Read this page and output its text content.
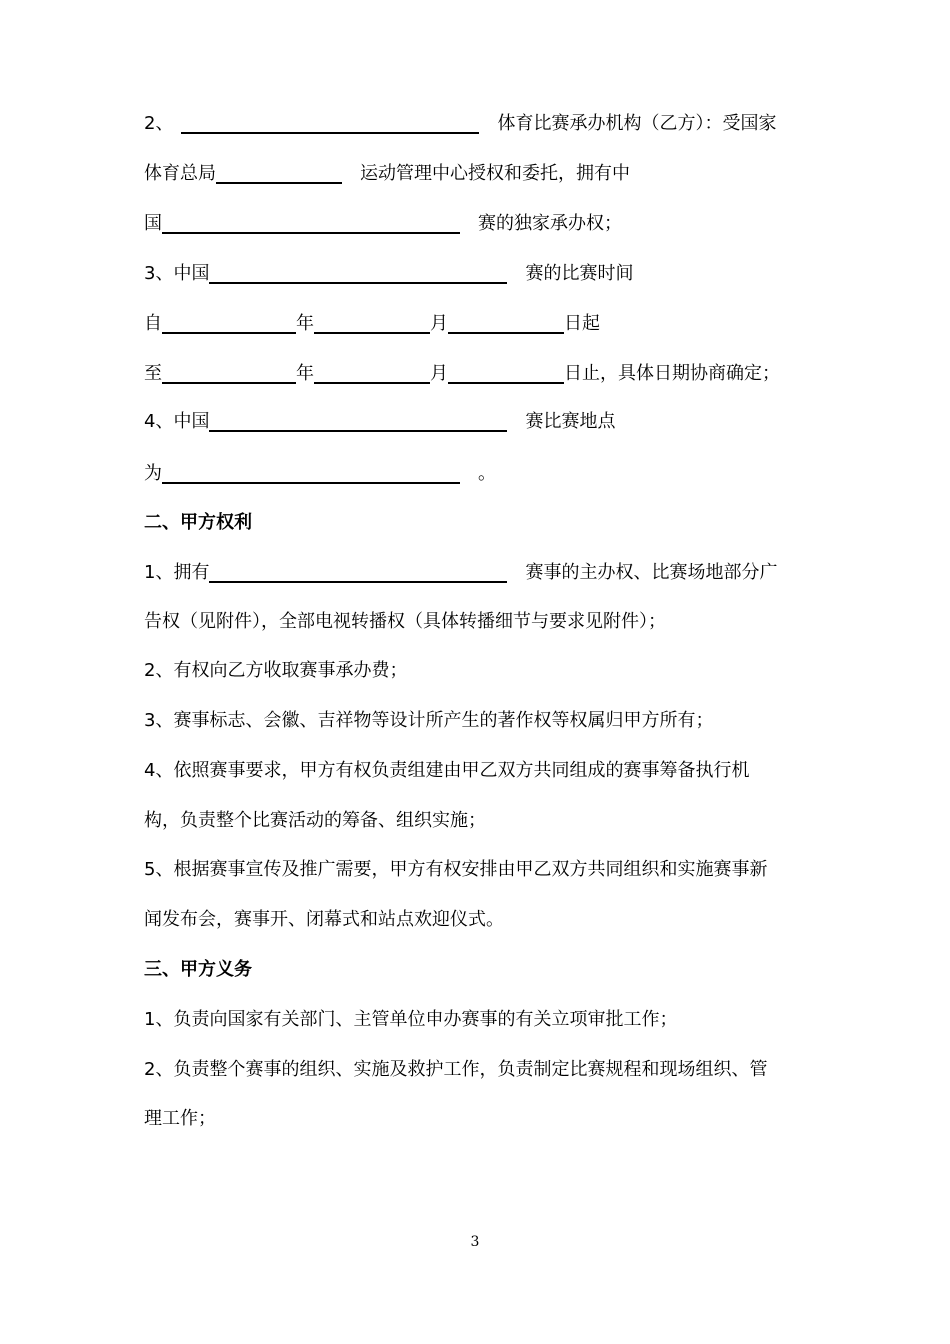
2、	体育比赛承办机构（乙方）：受国家
体育总局	运动管理中心授权和委托，拥有中
国	赛的独家承办权；
3、中国	赛的比赛时间
自	年	月	日起
至	年	月	日止，具体日期协商确定；
4、中国	赛比赛地点
为	。
二、甲方权利
1、拥有	赛事的主办权、比赛场地部分广
告权（见附件），全部电视转播权（具体转播细节与要求见附件）；
2、有权向乙方收取赛事承办费；
3、赛事标志、会徽、吉祥物等设计所产生的著作权等权属归甲方所有；
4、依照赛事要求，甲方有权负责组建由甲乙双方共同组成的赛事筹备执行机
构，负责整个比赛活动的筹备、组织实施；
5、根据赛事宣传及推广需要，甲方有权安排由甲乙双方共同组织和实施赛事新
闻发布会，赛事开、闭幕式和站点欢迎仪式。
三、甲方义务
1、负责向国家有关部门、主管单位申办赛事的有关立项审批工作；
2、负责整个赛事的组织、实施及救护工作，负责制定比赛规程和现场组织、管
理工作；
3
